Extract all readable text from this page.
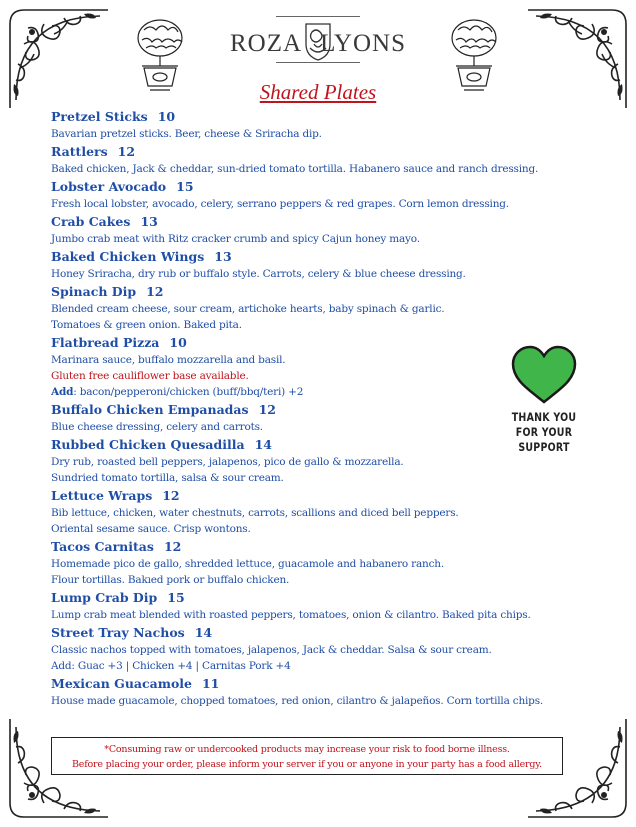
ROZA LYONS
Shared Plates
Pretzel Sticks 10
Bavarian pretzel sticks. Beer, cheese & Sriracha dip.
Rattlers 12
Baked chicken, Jack & cheddar, sun-dried tomato tortilla. Habanero sauce and ranch dressing.
Lobster Avocado 15
Fresh local lobster, avocado, celery, serrano peppers & red grapes. Corn lemon dressing.
Crab Cakes 13
Jumbo crab meat with Ritz cracker crumb and spicy Cajun honey mayo.
Baked Chicken Wings 13
Honey Sriracha, dry rub or buffalo style. Carrots, celery & blue cheese dressing.
Spinach Dip 12
Blended cream cheese, sour cream, artichoke hearts, baby spinach & garlic.
Tomatoes & green onion. Baked pita.
Flatbread Pizza 10
Marinara sauce, buffalo mozzarella and basil.
Gluten free cauliflower base available.
Add: bacon/pepperoni/chicken (buff/bbq/teri) +2
Buffalo Chicken Empanadas 12
Blue cheese dressing, celery and carrots.
Rubbed Chicken Quesadilla 14
Dry rub, roasted bell peppers, jalapenos, pico de gallo & mozzarella.
Sundried tomato tortilla, salsa & sour cream.
Lettuce Wraps 12
Bib lettuce, chicken, water chestnuts, carrots, scallions and diced bell peppers.
Oriental sesame sauce. Crisp wontons.
Tacos Carnitas 12
Homemade pico de gallo, shredded lettuce, guacamole and habanero ranch.
Flour tortillas. Bakıed pork or buffalo chicken.
Lump Crab Dip 15
Lump crab meat blended with roasted peppers, tomatoes, onion & cilantro. Baked pita chips.
Street Tray Nachos 14
Classic nachos topped with tomatoes, jalapenos, Jack & cheddar. Salsa & sour cream.
Add: Guac +3 | Chicken +4 | Carnitas Pork +4
Mexican Guacamole 11
House made guacamole, chopped tomatoes, red onion, cilantro & jalapeños. Corn tortilla chips.
THANK YOU
FOR YOUR SUPPORT
*Consuming raw or undercooked products may increase your risk to food borne illness.
Before placing your order, please inform your server if you or anyone in your party has a food allergy.
